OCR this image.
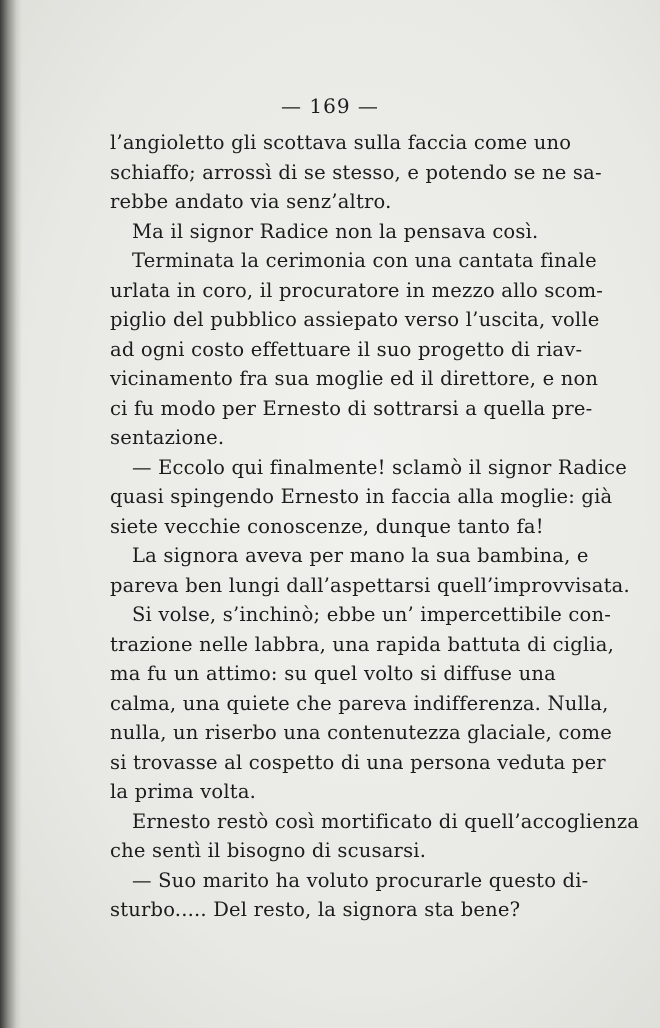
— 169 —
l’angioletto gli scottava sulla faccia come uno
schiaffo; arrossì di se stesso, e potendo se ne sa-
rebbe andato via senz’altro.
Ma il signor Radice non la pensava così.
Terminata la cerimonia con una cantata finale
urlata in coro, il procuratore in mezzo allo scom-
piglio del pubblico assiepato verso l’uscita, volle
ad ogni costo effettuare il suo progetto di riav-
vicinamento fra sua moglie ed il direttore, e non
ci fu modo per Ernesto di sottrarsi a quella pre-
sentazione.
— Eccolo qui finalmente! sclamò il signor Radice
quasi spingendo Ernesto in faccia alla moglie: già
siete vecchie conoscenze, dunque tanto fa!
La signora aveva per mano la sua bambina, e
pareva ben lungi dall’aspettarsi quell’improvvisata.
Si volse, s’inchinò; ebbe un’ impercettibile con-
trazione nelle labbra, una rapida battuta di ciglia,
ma fu un attimo: su quel volto si diffuse una
calma, una quiete che pareva indifferenza. Nulla,
nulla, un riserbo una contenutezza glaciale, come
si trovasse al cospetto di una persona veduta per
la prima volta.
Ernesto restò così mortificato di quell’accoglienza
che sentì il bisogno di scusarsi.
— Suo marito ha voluto procurarle questo di-
sturbo..... Del resto, la signora sta bene?
